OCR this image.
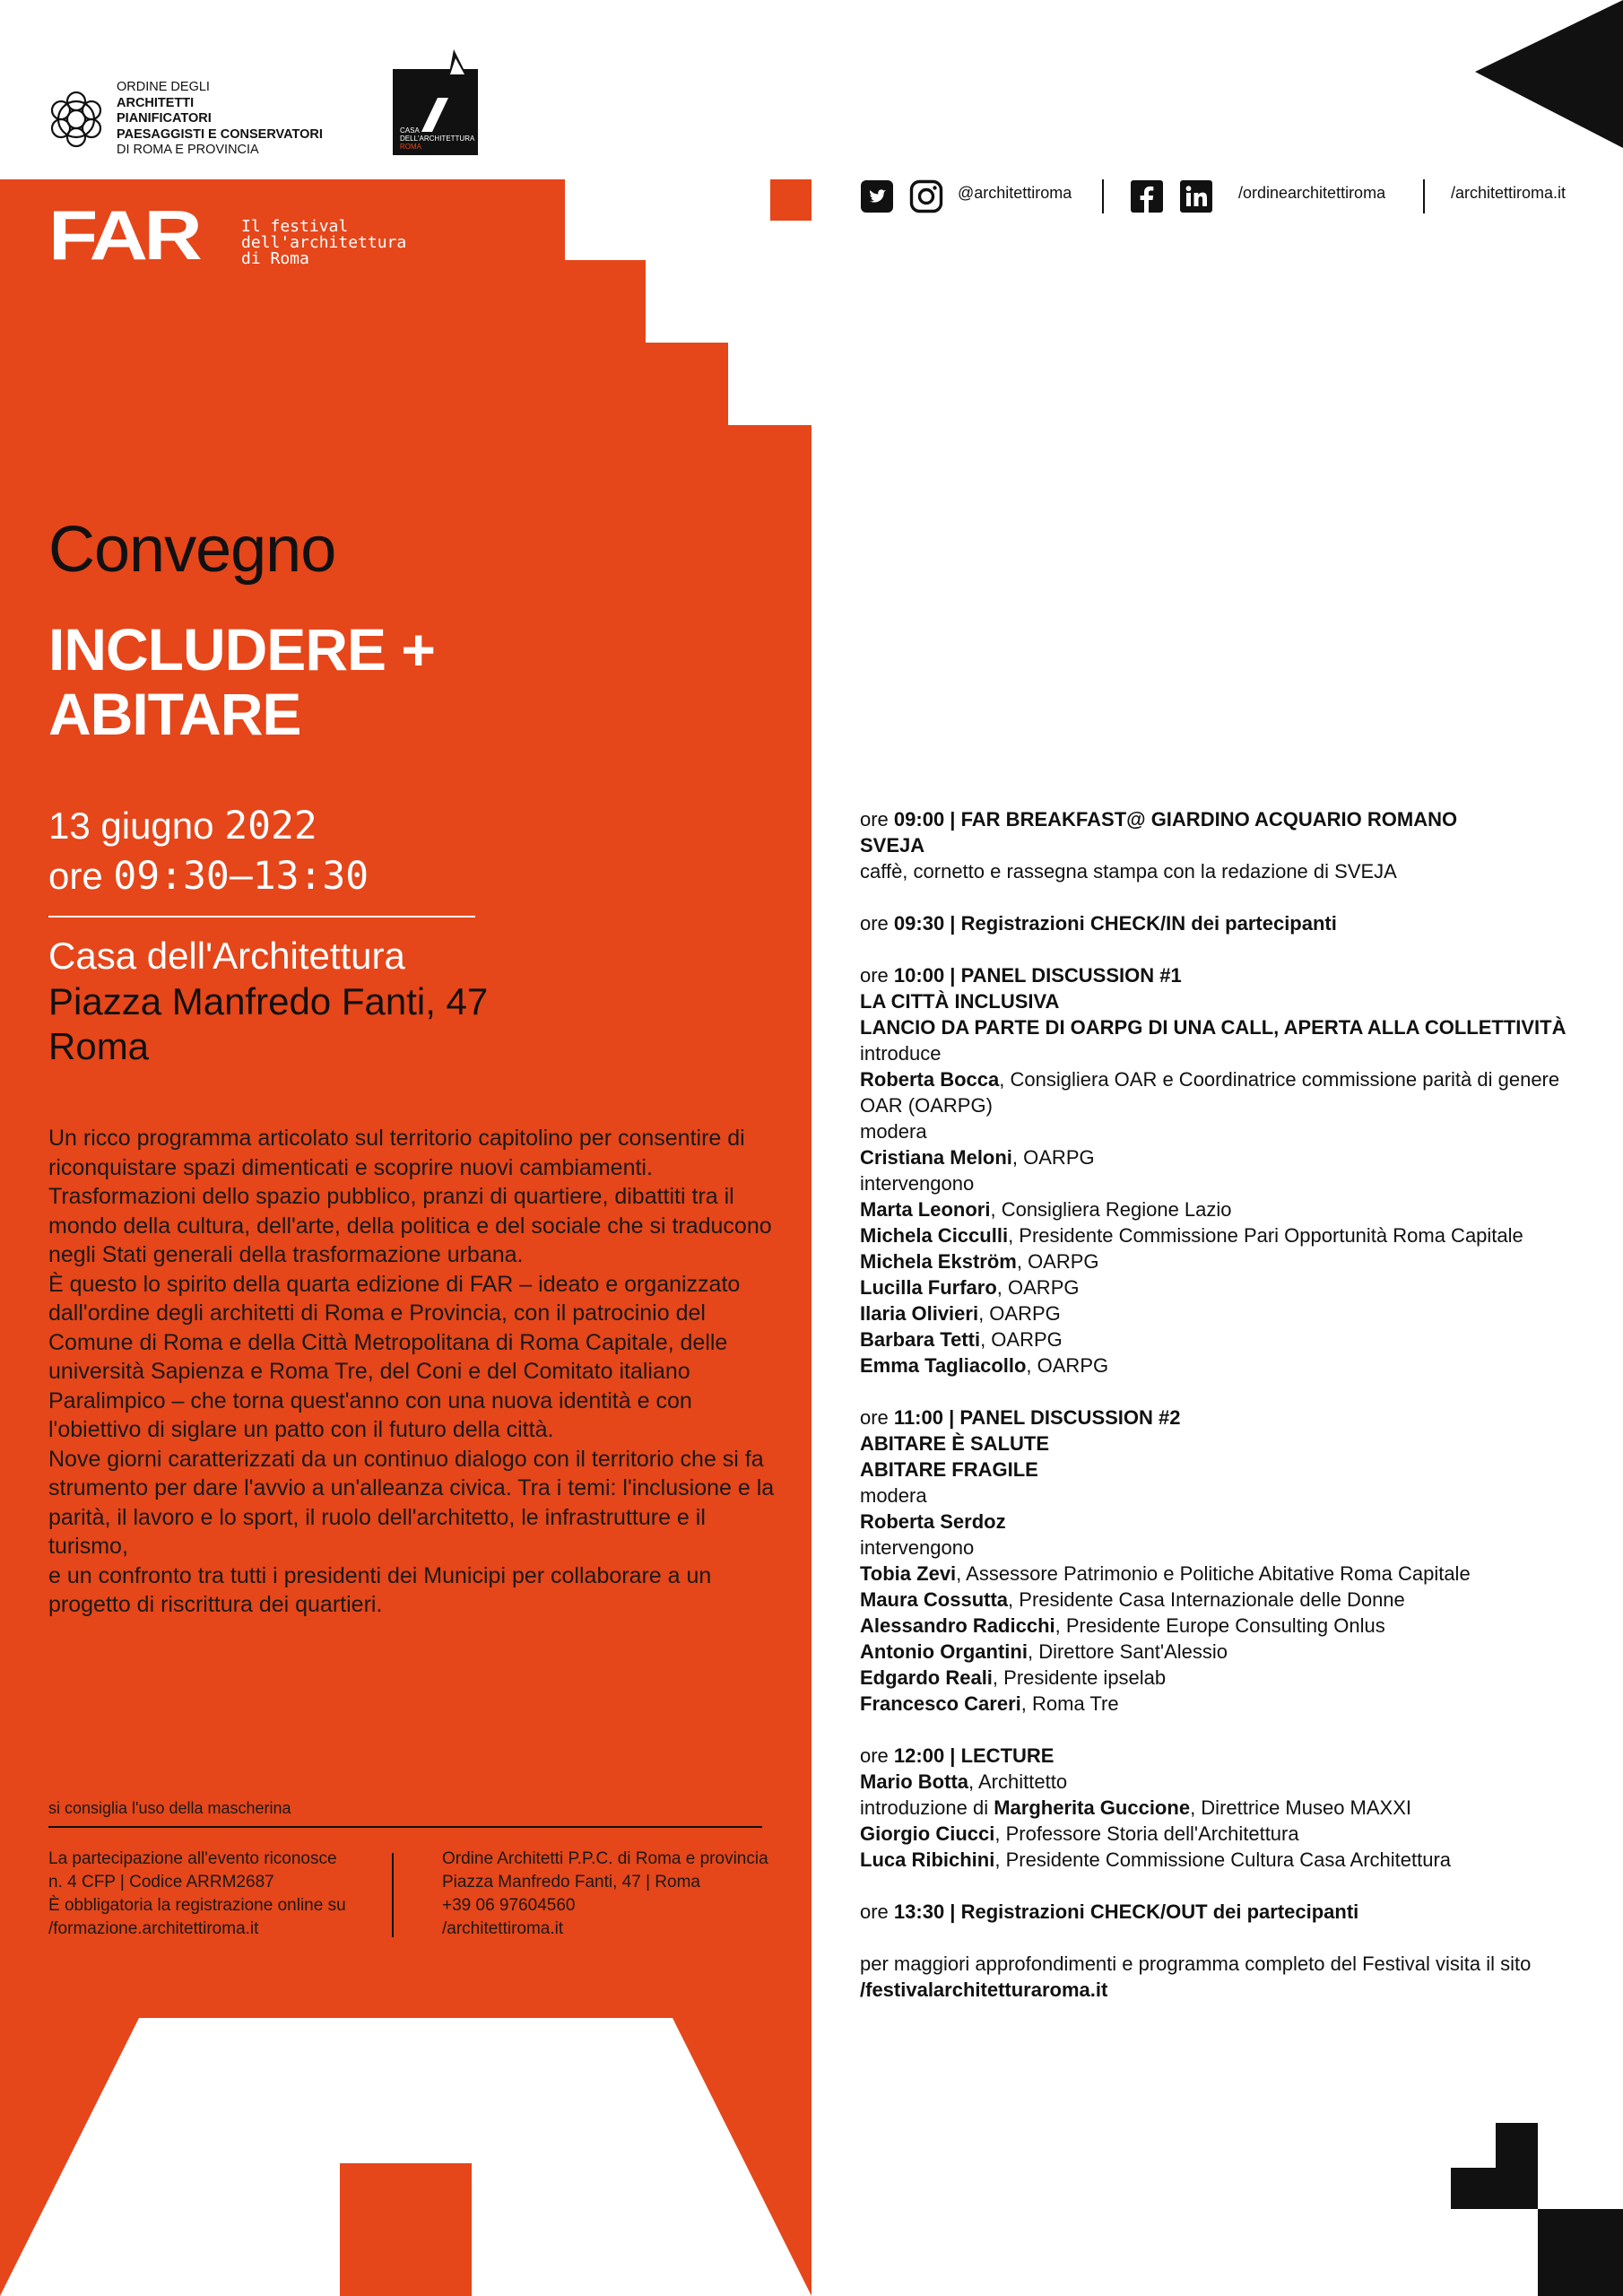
ORDINE DEGLI
ARCHITETTI
PIANIFICATORI
PAESAGGISTI E CONSERVATORI
DI ROMA E PROVINCIA
CASA
DELL'ARCHITETTURA
ROMA
@architettiroma	/ordinearchitettiroma	/architettiroma.it
FAR	Il festival
dell'architettura
di Roma
Convegno
INCLUDERE +
ABITARE
13 giugno 2022
ore 09:30—13:30
Casa dell'Architettura
Piazza Manfredo Fanti, 47
Roma

Un ricco programma articolato sul territorio capitolino per consentire di

riconquistare spazi dimenticati e scoprire nuovi cambiamenti.

Trasformazioni dello spazio pubblico, pranzi di quartiere, dibattiti tra il

mondo della cultura, dell'arte, della politica e del sociale che si traducono

negli Stati generali della trasformazione urbana.

È questo lo spirito della quarta edizione di FAR – ideato e organizzato

dall'ordine degli architetti di Roma e Provincia, con il patrocinio del

Comune di Roma e della Città Metropolitana di Roma Capitale, delle

università Sapienza e Roma Tre, del Coni e del Comitato italiano

Paralimpico – che torna quest'anno con una nuova identità e con

l'obiettivo di siglare un patto con il futuro della città.

Nove giorni caratterizzati da un continuo dialogo con il territorio che si fa

strumento per dare l'avvio a un'alleanza civica. Tra i temi: l'inclusione e la

parità, il lavoro e lo sport, il ruolo dell'architetto, le infrastrutture e il turismo,

e un confronto tra tutti i presidenti dei Municipi per collaborare a un

progetto di riscrittura dei quartieri.

si consiglia l'uso della mascherina
La partecipazione all'evento riconosce
n. 4 CFP | Codice ARRM2687
È obbligatoria la registrazione online su
/formazione.architettiroma.it
Ordine Architetti P.P.C. di Roma e provincia
Piazza Manfredo Fanti, 47 | Roma
+39 06 97604560
/architettiroma.it
ore 09:00 | FAR BREAKFAST@ GIARDINO ACQUARIO ROMANO
SVEJA
caffè, cornetto e rassegna stampa con la redazione di SVEJA
ore 09:30 | Registrazioni CHECK/IN dei partecipanti
ore 10:00 | PANEL DISCUSSION #1
LA CITTÀ INCLUSIVA
LANCIO DA PARTE DI OARPG DI UNA CALL, APERTA ALLA COLLETTIVITÀ
introduce
Roberta Bocca, Consigliera OAR e Coordinatrice commissione parità di genere
OAR (OARPG)
modera
Cristiana Meloni, OARPG
intervengono
Marta Leonori, Consigliera Regione Lazio
Michela Cicculli, Presidente Commissione Pari Opportunità Roma Capitale
Michela Ekström, OARPG
Lucilla Furfaro, OARPG
Ilaria Olivieri, OARPG
Barbara Tetti, OARPG
Emma Tagliacollo, OARPG
ore 11:00 | PANEL DISCUSSION #2
ABITARE È SALUTE
ABITARE FRAGILE
modera
Roberta Serdoz
intervengono
Tobia Zevi, Assessore Patrimonio e Politiche Abitative Roma Capitale
Maura Cossutta, Presidente Casa Internazionale delle Donne
Alessandro Radicchi, Presidente Europe Consulting Onlus
Antonio Organtini, Direttore Sant'Alessio
Edgardo Reali, Presidente ipselab
Francesco Careri, Roma Tre
ore 12:00 | LECTURE
Mario Botta, Archittetto
introduzione di Margherita Guccione, Direttrice Museo MAXXI
Giorgio Ciucci, Professore Storia dell'Architettura
Luca Ribichini, Presidente Commissione Cultura Casa Architettura
ore 13:30 | Registrazioni CHECK/OUT dei partecipanti
per maggiori approfondimenti e programma completo del Festival visita il sito
/festivalarchitetturaroma.it
